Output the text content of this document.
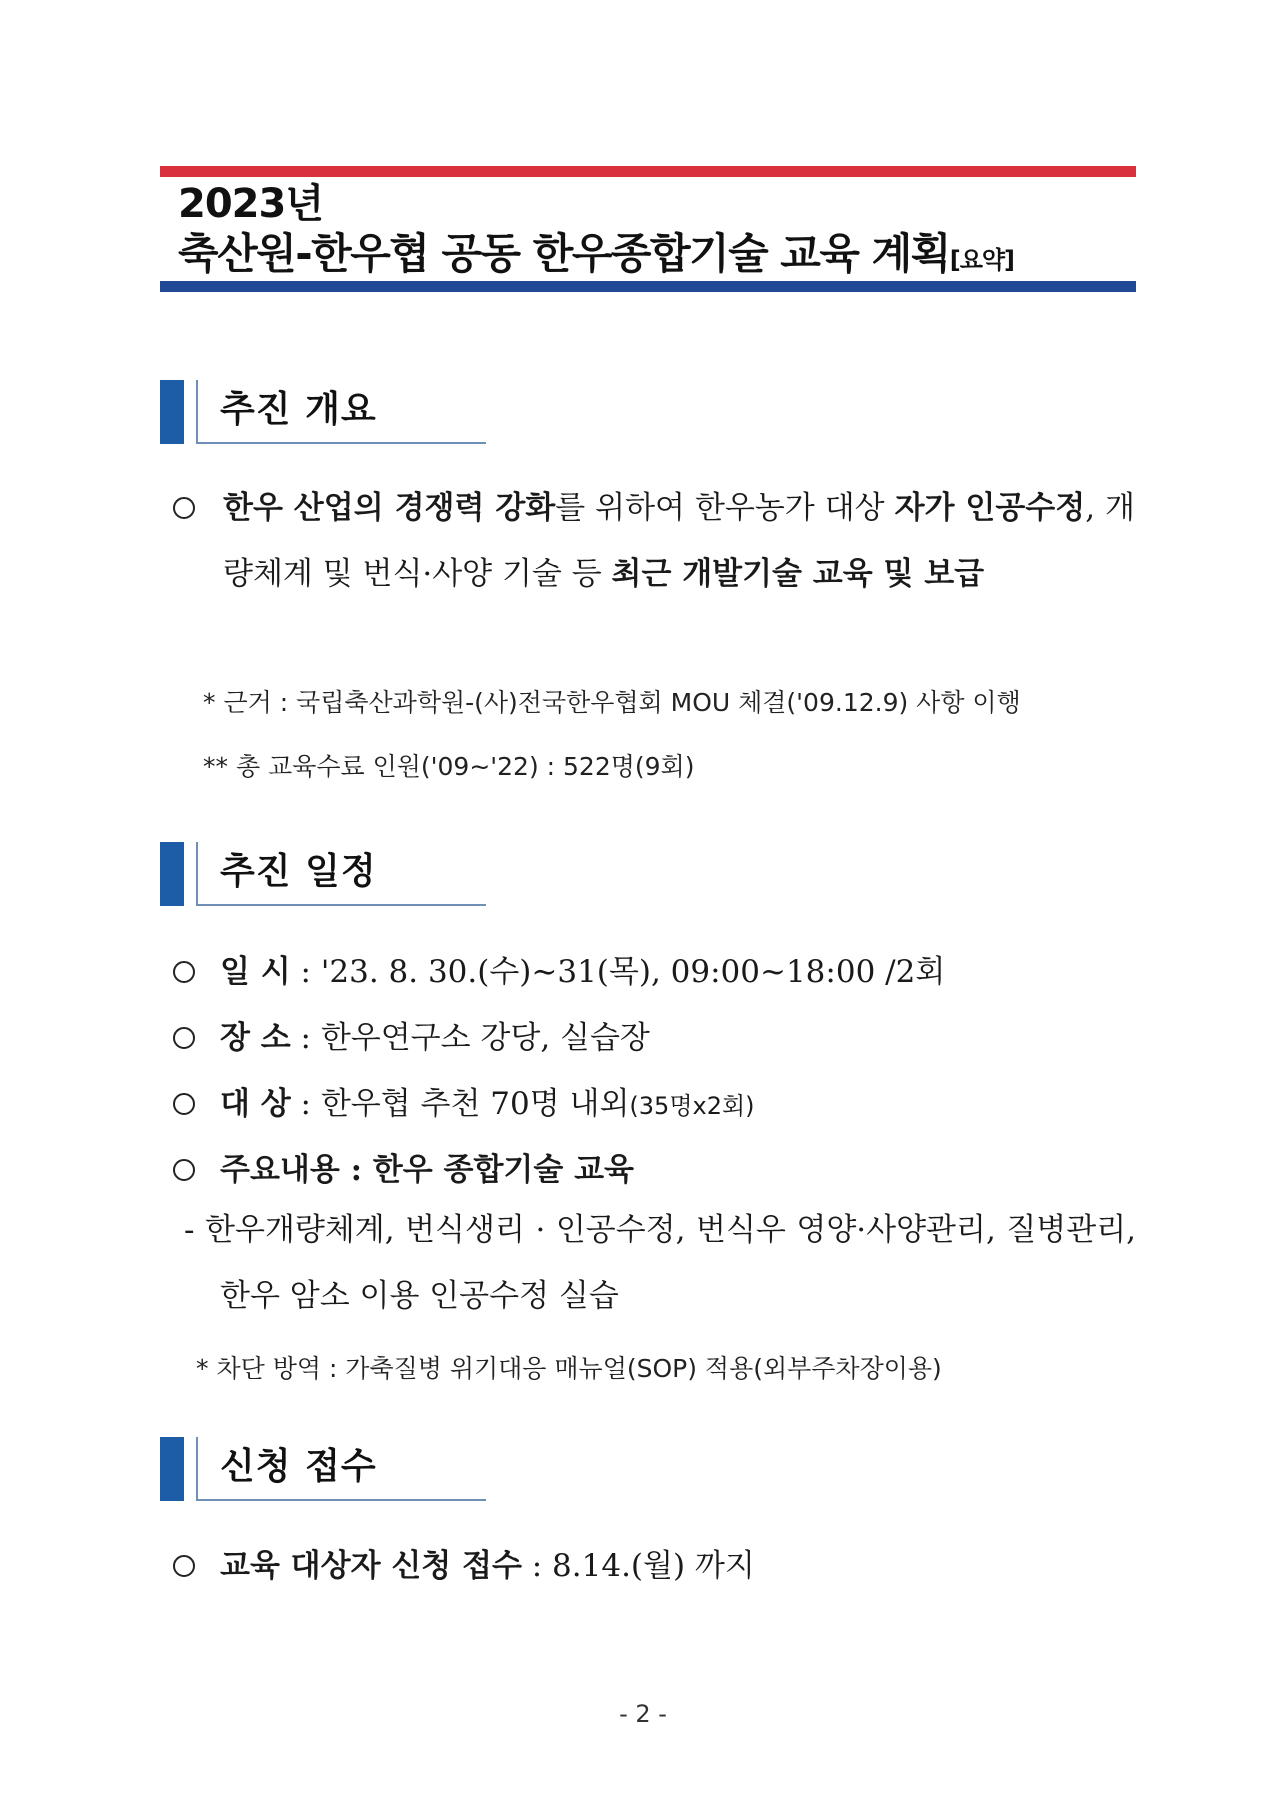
2023년
축산원-한우협 공동 한우종합기술 교육 계획[요약]
추진 개요
한우 산업의 경쟁력 강화를 위하여 한우농가 대상 자가 인공수정, 개량체계 및 번식·사양 기술 등 최근 개발기술 교육 및 보급
* 근거 : 국립축산과학원-(사)전국한우협회 MOU 체결('09.12.9) 사항 이행
** 총 교육수료 인원('09∼'22) : 522명(9회)
추진 일정
일 시 : '23. 8. 30.(수)∼31(목), 09:00~18:00 /2회
장 소 : 한우연구소 강당, 실습장
대 상 : 한우협 추천 70명 내외(35명x2회)
주요내용 : 한우 종합기술 교육
- 한우개량체계, 번식생리 · 인공수정, 번식우 영양·사양관리, 질병관리, 한우 암소 이용 인공수정 실습
* 차단 방역 : 가축질병 위기대응 매뉴얼(SOP) 적용(외부주차장이용)
신청 접수
교육 대상자 신청 접수 : 8.14.(월) 까지
- 2 -
